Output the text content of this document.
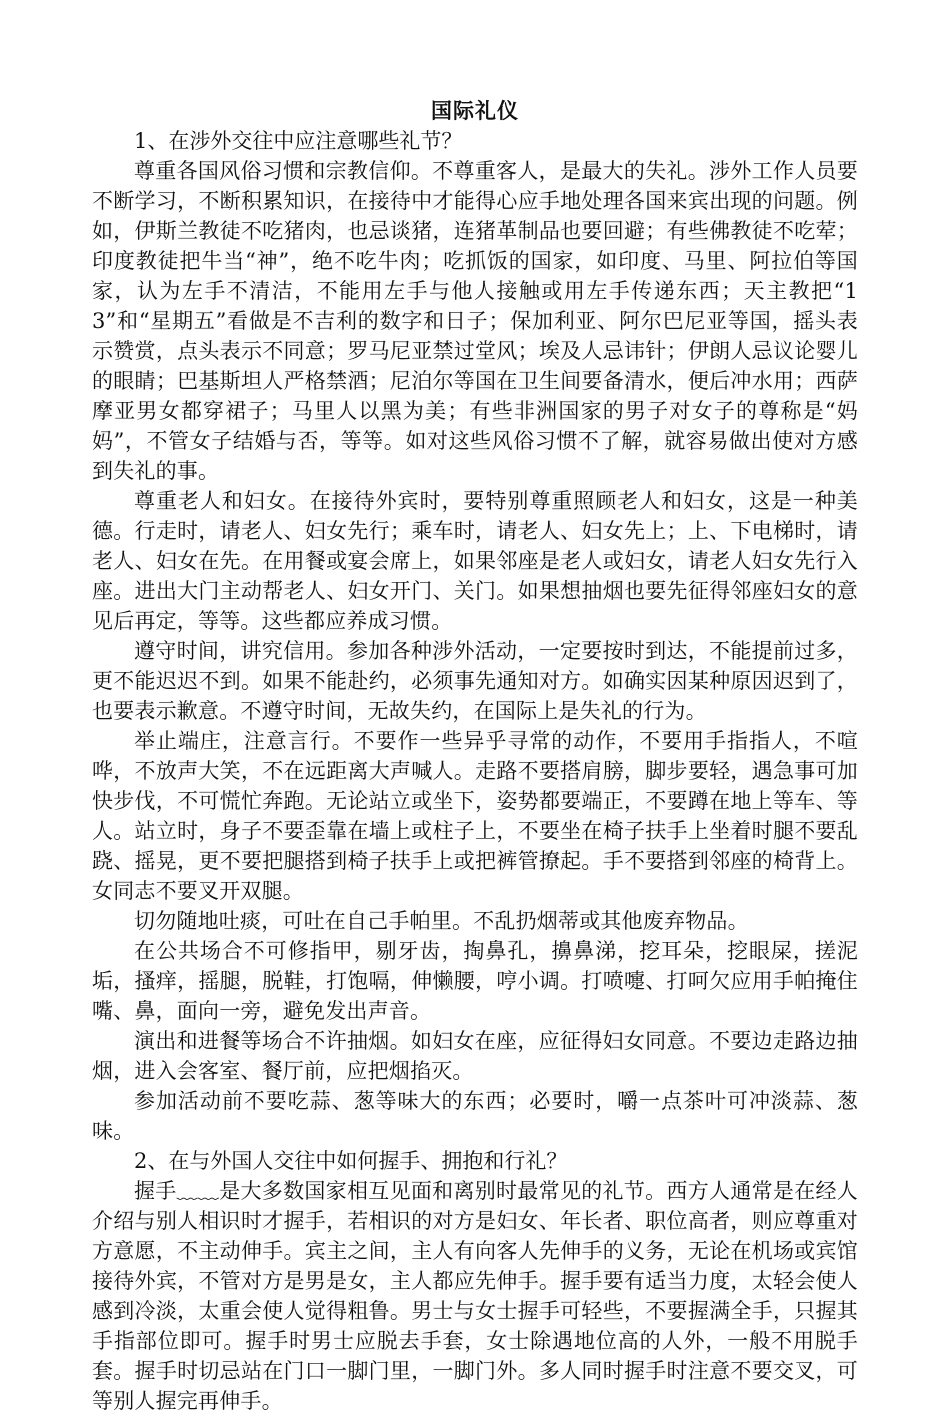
国际礼仪
1、在涉外交往中应注意哪些礼节？

尊重各国风俗习惯和宗教信仰。不尊重客人，是最大的失礼。涉外工作人员要不断学习，不断积累知识，在接待中才能得心应手地处理各国来宾出现的问题。例如，伊斯兰教徒不吃猪肉，也忌谈猪，连猪革制品也要回避；有些佛教徒不吃荤；印度教徒把牛当“神”，绝不吃牛肉；吃抓饭的国家，如印度、马里、阿拉伯等国家，认为左手不清洁，不能用左手与他人接触或用左手传递东西；天主教把“13”和“星期五”看做是不吉利的数字和日子；保加利亚、阿尔巴尼亚等国，摇头表示赞赏，点头表示不同意；罗马尼亚禁过堂风；埃及人忌讳针；伊朗人忌议论婴儿的眼睛；巴基斯坦人严格禁酒；尼泊尔等国在卫生间要备清水，便后冲水用；西萨摩亚男女都穿裙子；马里人以黑为美；有些非洲国家的男子对女子的尊称是“妈妈”，不管女子结婚与否，等等。如对这些风俗习惯不了解，就容易做出使对方感到失礼的事。

尊重老人和妇女。在接待外宾时，要特别尊重照顾老人和妇女，这是一种美德。行走时，请老人、妇女先行；乘车时，请老人、妇女先上；上、下电梯时，请老人、妇女在先。在用餐或宴会席上，如果邻座是老人或妇女，请老人妇女先行入座。进出大门主动帮老人、妇女开门、关门。如果想抽烟也要先征得邻座妇女的意见后再定，等等。这些都应养成习惯。

遵守时间，讲究信用。参加各种涉外活动，一定要按时到达，不能提前过多，更不能迟迟不到。如果不能赴约，必须事先通知对方。如确实因某种原因迟到了，也要表示歉意。不遵守时间，无故失约，在国际上是失礼的行为。

举止端庄，注意言行。不要作一些异乎寻常的动作，不要用手指指人，不喧哗，不放声大笑，不在远距离大声喊人。走路不要搭肩膀，脚步要轻，遇急事可加快步伐，不可慌忙奔跑。无论站立或坐下，姿势都要端正，不要蹲在地上等车、等人。站立时，身子不要歪靠在墙上或柱子上，不要坐在椅子扶手上坐着时腿不要乱跷、摇晃，更不要把腿搭到椅子扶手上或把裤管撩起。手不要搭到邻座的椅背上。女同志不要叉开双腿。

切勿随地吐痰，可吐在自己手帕里。不乱扔烟蒂或其他废弃物品。

在公共场合不可修指甲，剔牙齿，掏鼻孔，擤鼻涕，挖耳朵，挖眼屎，搓泥垢，搔痒，摇腿，脱鞋，打饱嗝，伸懒腰，哼小调。打喷嚏、打呵欠应用手帕掩住嘴、鼻，面向一旁，避免发出声音。

演出和进餐等场合不许抽烟。如妇女在座，应征得妇女同意。不要边走路边抽烟，进入会客室、餐厅前，应把烟掐灭。

参加活动前不要吃蒜、葱等味大的东西；必要时，嚼一点茶叶可冲淡蒜、葱味。

2、在与外国人交往中如何握手、拥抱和行礼？

握手﹏﹏是大多数国家相互见面和离别时最常见的礼节。西方人通常是在经人介绍与别人相识时才握手，若相识的对方是妇女、年长者、职位高者，则应尊重对方意愿，不主动伸手。宾主之间，主人有向客人先伸手的义务，无论在机场或宾馆接待外宾，不管对方是男是女，主人都应先伸手。握手要有适当力度，太轻会使人感到冷淡，太重会使人觉得粗鲁。男士与女士握手可轻些，不要握满全手，只握其手指部位即可。握手时男士应脱去手套，女士除遇地位高的人外，一般不用脱手套。握手时切忌站在门口一脚门里，一脚门外。多人同时握手时注意不要交叉，可等别人握完再伸手。
